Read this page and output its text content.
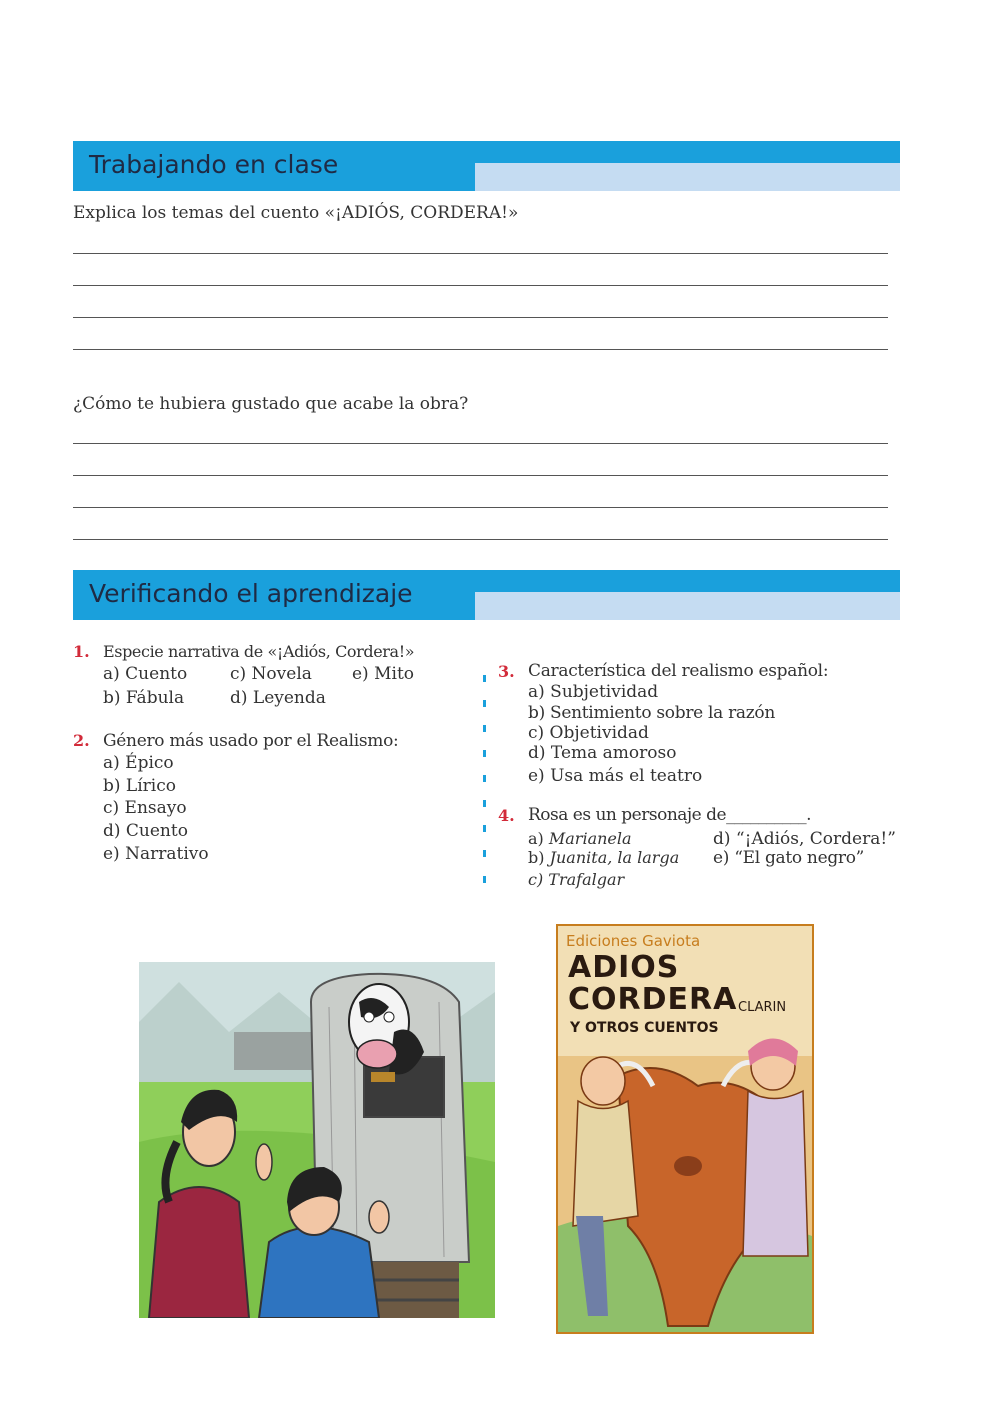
Trabajando en clase
Explica los temas del cuento «¡ADIÓS, CORDERA!»
¿Cómo te hubiera gustado que acabe la obra?
Verificando el aprendizaje
1. Especie narrativa de «¡Adiós, Cordera!»
a) Cuento	c) Novela e) Mito
b) Fábula	d) Leyenda
2. Género más usado por el Realismo:
a) Épico
b) Lírico
c) Ensayo
d) Cuento
e) Narrativo
3. Característica del realismo español:
a) Subjetividad
b) Sentimiento sobre la razón
c) Objetividad
d) Tema amoroso
e) Usa más el teatro
4. Rosa es un personaje de__________.
a) Marianela
b) Juanita, la larga
c) Trafalgar
d) “¡Adiós, Cordera!”
e) “El gato negro”
Ediciones Gaviota
ADIOS
CORDERA CLARIN
Y OTROS CUENTOS
